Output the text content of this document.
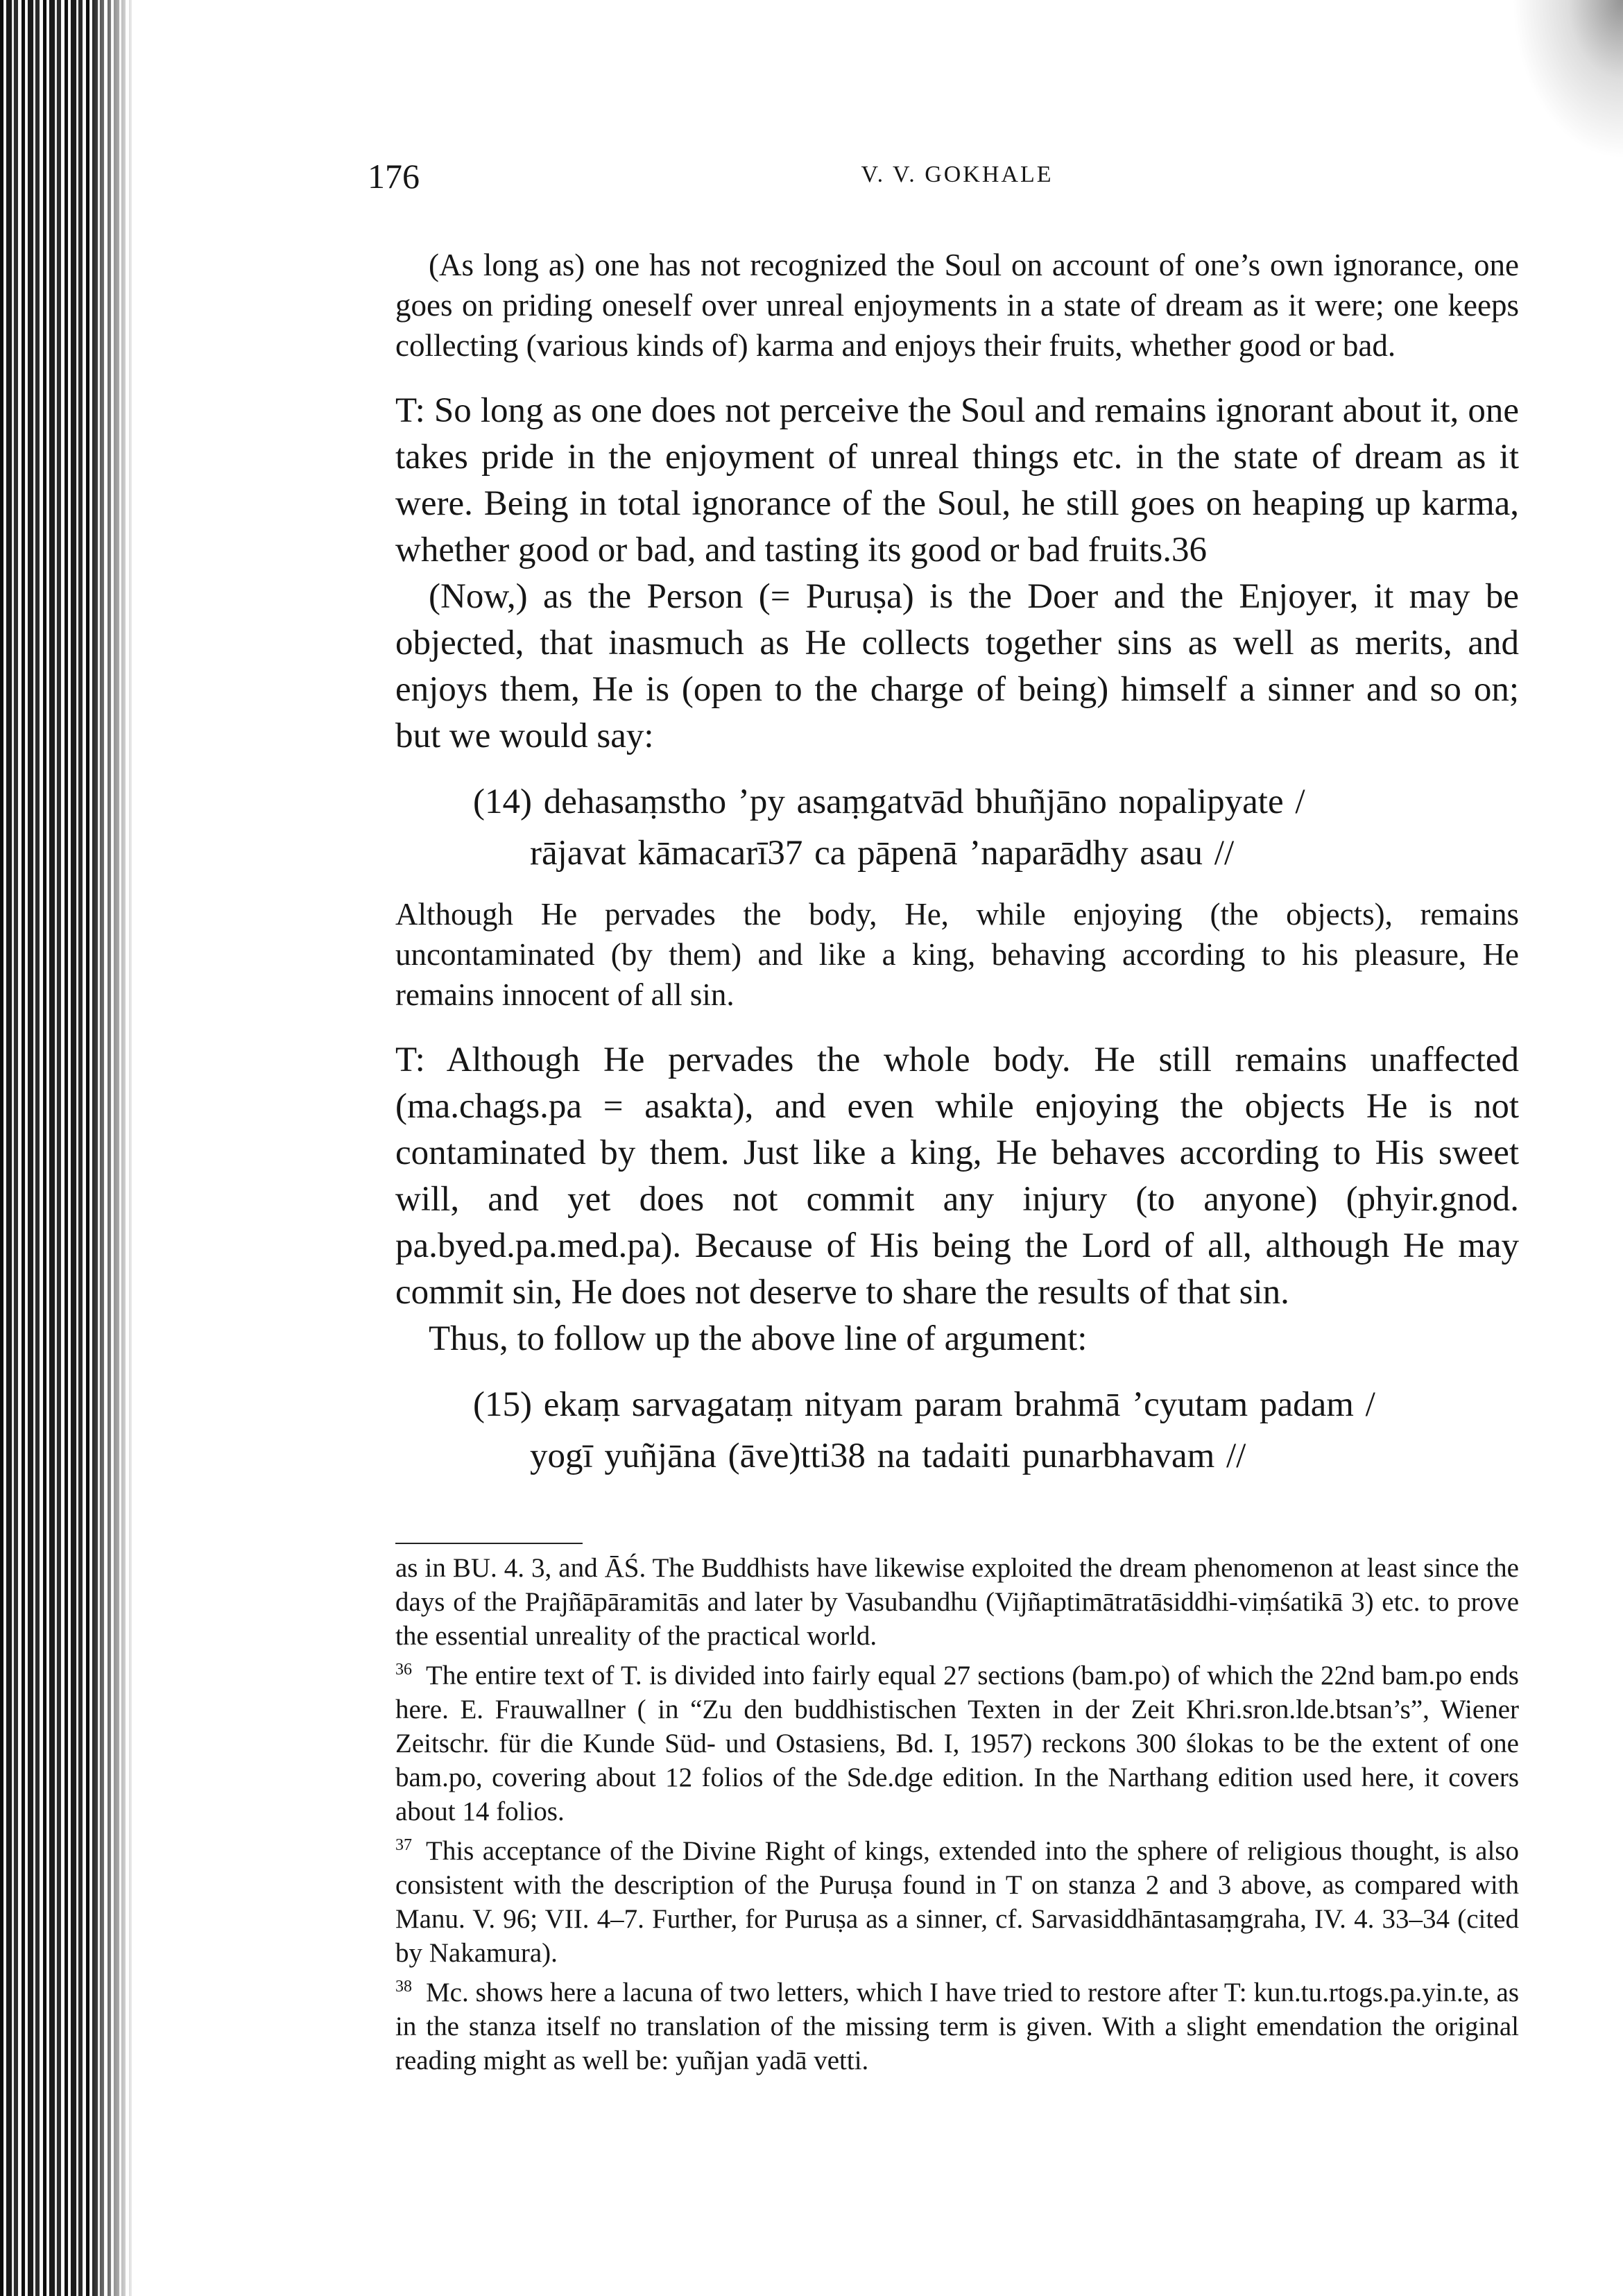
176	V. V. GOKHALE

(As long as) one has not recognized the Soul on account of one’s own ignorance, one goes on priding oneself over unreal enjoyments in a state of dream as it were; one keeps collecting (various kinds of) karma and enjoys their fruits, whether good or bad.

T: So long as one does not perceive the Soul and remains ignorant about it, one takes pride in the enjoyment of unreal things etc. in the state of dream as it were. Being in total ignorance of the Soul, he still goes on heaping up karma, whether good or bad, and tasting its good or bad fruits.36

(Now,) as the Person (= Puruṣa) is the Doer and the Enjoyer, it may be objected, that inasmuch as He collects together sins as well as merits, and enjoys them, He is (open to the charge of being) himself a sinner and so on; but we would say:

(14) dehasaṃstho ’py asaṃgatvād bhuñjāno nopalipyate /
rājavat kāmacarī37 ca pāpenā ’naparādhy asau //

Although He pervades the body, He, while enjoying (the objects), remains uncontaminated (by them) and like a king, behaving according to his pleasure, He remains innocent of all sin.

T: Although He pervades the whole body. He still remains unaffected (ma.chags.pa = asakta), and even while enjoying the objects He is not contaminated by them. Just like a king, He behaves according to His sweet will, and yet does not commit any injury (to anyone) (phyir.gnod. pa.byed.pa.med.pa). Because of His being the Lord of all, although He may commit sin, He does not deserve to share the results of that sin.

Thus, to follow up the above line of argument:

(15) ekaṃ sarvagataṃ nityam param brahmā ’cyutam padam /
yogī yuñjāna (āve)tti38 na tadaiti punarbhavam //

as in BU. 4. 3, and ĀŚ. The Buddhists have likewise exploited the dream phenomenon at least since the days of the Prajñāpāramitās and later by Vasubandhu (Vijñaptimātratāsiddhi-viṃśatikā 3) etc. to prove the essential unreality of the practical world.

$^{36}$ The entire text of T. is divided into fairly equal 27 sections (bam.po) of which the 22nd bam.po ends here. E. Frauwallner ( in “Zu den buddhistischen Texten in der Zeit Khri.sron.lde.btsan’s”, Wiener Zeitschr. für die Kunde Süd- und Ostasiens, Bd. I, 1957) reckons 300 ślokas to be the extent of one bam.po, covering about 12 folios of the Sde.dge edition. In the Narthang edition used here, it covers about 14 folios.

$^{37}$ This acceptance of the Divine Right of kings, extended into the sphere of religious thought, is also consistent with the description of the Puruṣa found in T on stanza 2 and 3 above, as compared with Manu. V. 96; VII. 4–7. Further, for Puruṣa as a sinner, cf. Sarvasiddhāntasaṃgraha, IV. 4. 33–34 (cited by Nakamura).

$^{38}$ Mc. shows here a lacuna of two letters, which I have tried to restore after T: kun.tu.rtogs.pa.yin.te, as in the stanza itself no translation of the missing term is given. With a slight emendation the original reading might as well be: yuñjan yadā vetti.
